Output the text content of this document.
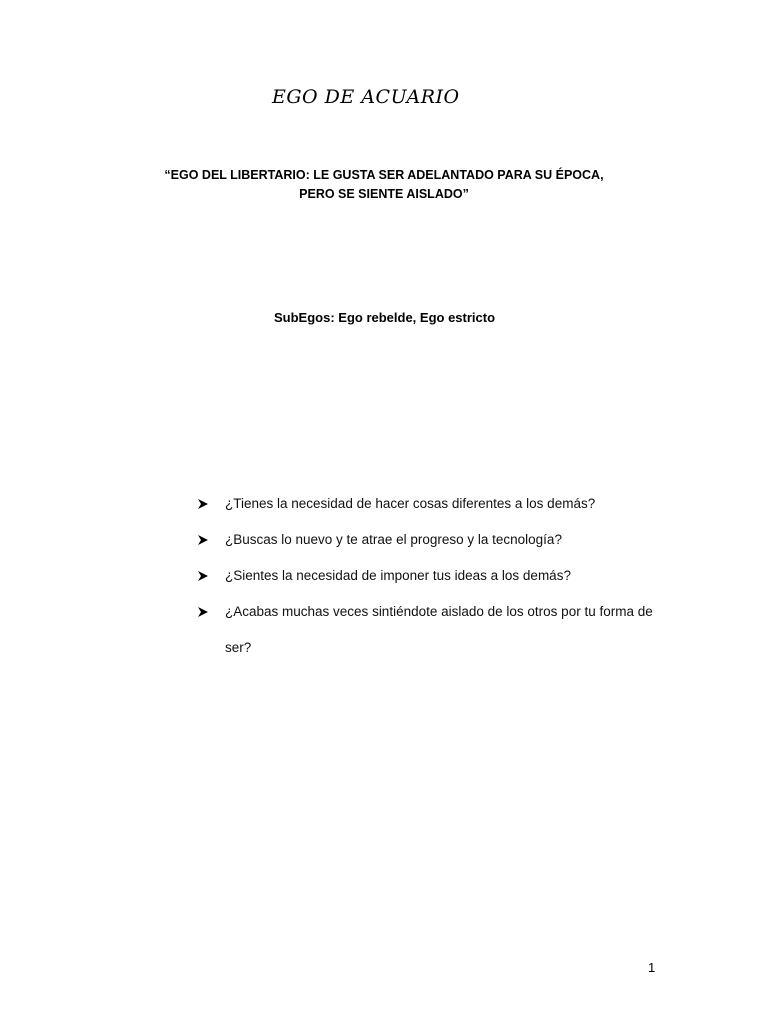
EGO DE ACUARIO
“EGO DEL LIBERTARIO: LE GUSTA SER ADELANTADO PARA SU ÉPOCA,
PERO SE SIENTE AISLADO”
SubEgos: Ego rebelde, Ego estricto
¿Tienes la necesidad de hacer cosas diferentes a los demás?
¿Buscas lo nuevo y te atrae el progreso y la tecnología?
¿Sientes la necesidad de imponer tus ideas a los demás?
¿Acabas muchas veces sintiéndote aislado de los otros por tu forma de ser?
1
